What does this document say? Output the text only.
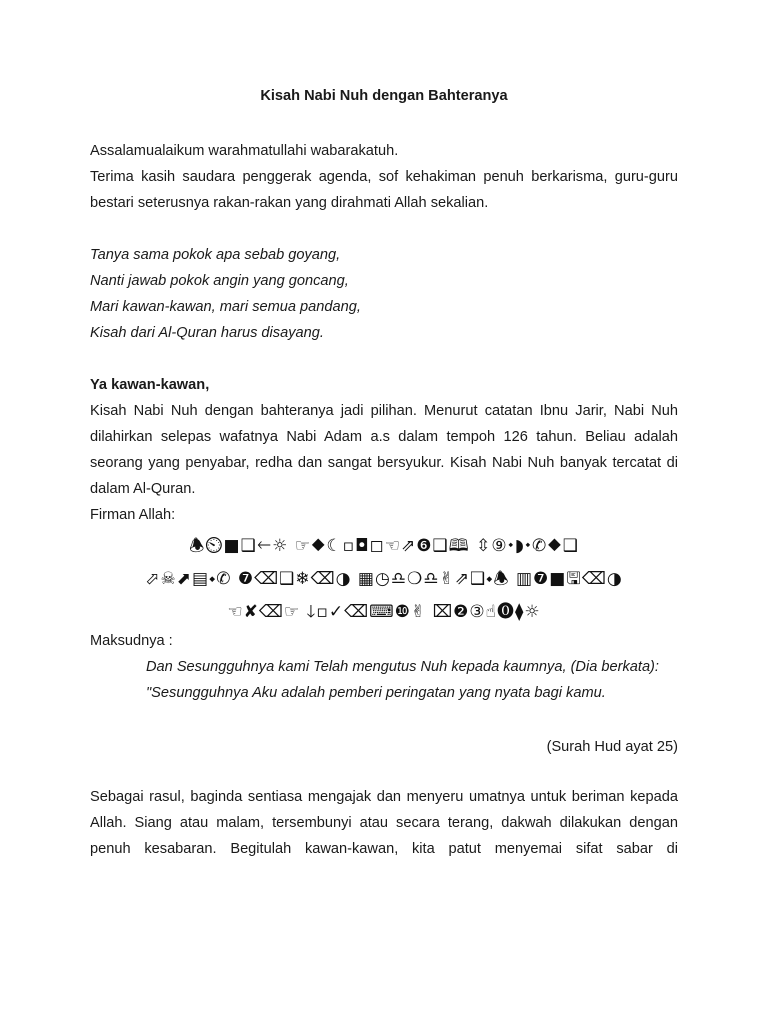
Kisah Nabi Nuh dengan Bahteranya

Assalamualaikum warahmatullahi wabarakatuh.

Terima kasih saudara penggerak agenda, sof kehakiman penuh berkarisma, guru-guru bestari seterusnya rakan-rakan yang dirahmati Allah sekalian.

Tanya sama pokok apa sebab goyang,

Nanti jawab pokok angin yang goncang,

Mari kawan-kawan, mari semua pandang,

Kisah dari Al-Quran harus disayang.

Ya kawan-kawan,

Kisah Nabi Nuh dengan bahteranya jadi pilihan. Menurut catatan Ibnu Jarir, Nabi Nuh dilahirkan selepas wafatnya Nabi Adam a.s dalam tempoh 126 tahun. Beliau adalah seorang yang penyabar, redha dan sangat bersyukur. Kisah Nabi Nuh banyak tercatat di dalam Al-Quran.

Firman Allah:

Maksudnya :

Dan Sesungguhnya kami Telah mengutus Nuh kepada kaumnya, (Dia berkata):

"Sesungguhnya Aku adalah pemberi peringatan yang nyata bagi kamu.

(Surah Hud ayat 25)

Sebagai rasul, baginda sentiasa mengajak dan menyeru umatnya untuk beriman kepada Allah. Siang atau malam, tersembunyi atau secara terang, dakwah dilakukan dengan penuh kesabaran. Begitulah kawan-kawan, kita patut menyemai sifat sabar di

🕭⏲■❑🡐☼ ☞⬥☾▫◘◻☜⇗❻❑🕮 ⇳⑨⬩◗⬩✆⬥❑
⬀☠⬈▤⬩✆ ❼⌫❑❄⌫◑ ▦◷♎❍♎✌⇗❑⬩🕭 ▥❼■🖫⌫◑
☜✘⌫☞ 🡓▫✓⌫⌨❿✌ ⌧❷③☝⓿⧫☼
